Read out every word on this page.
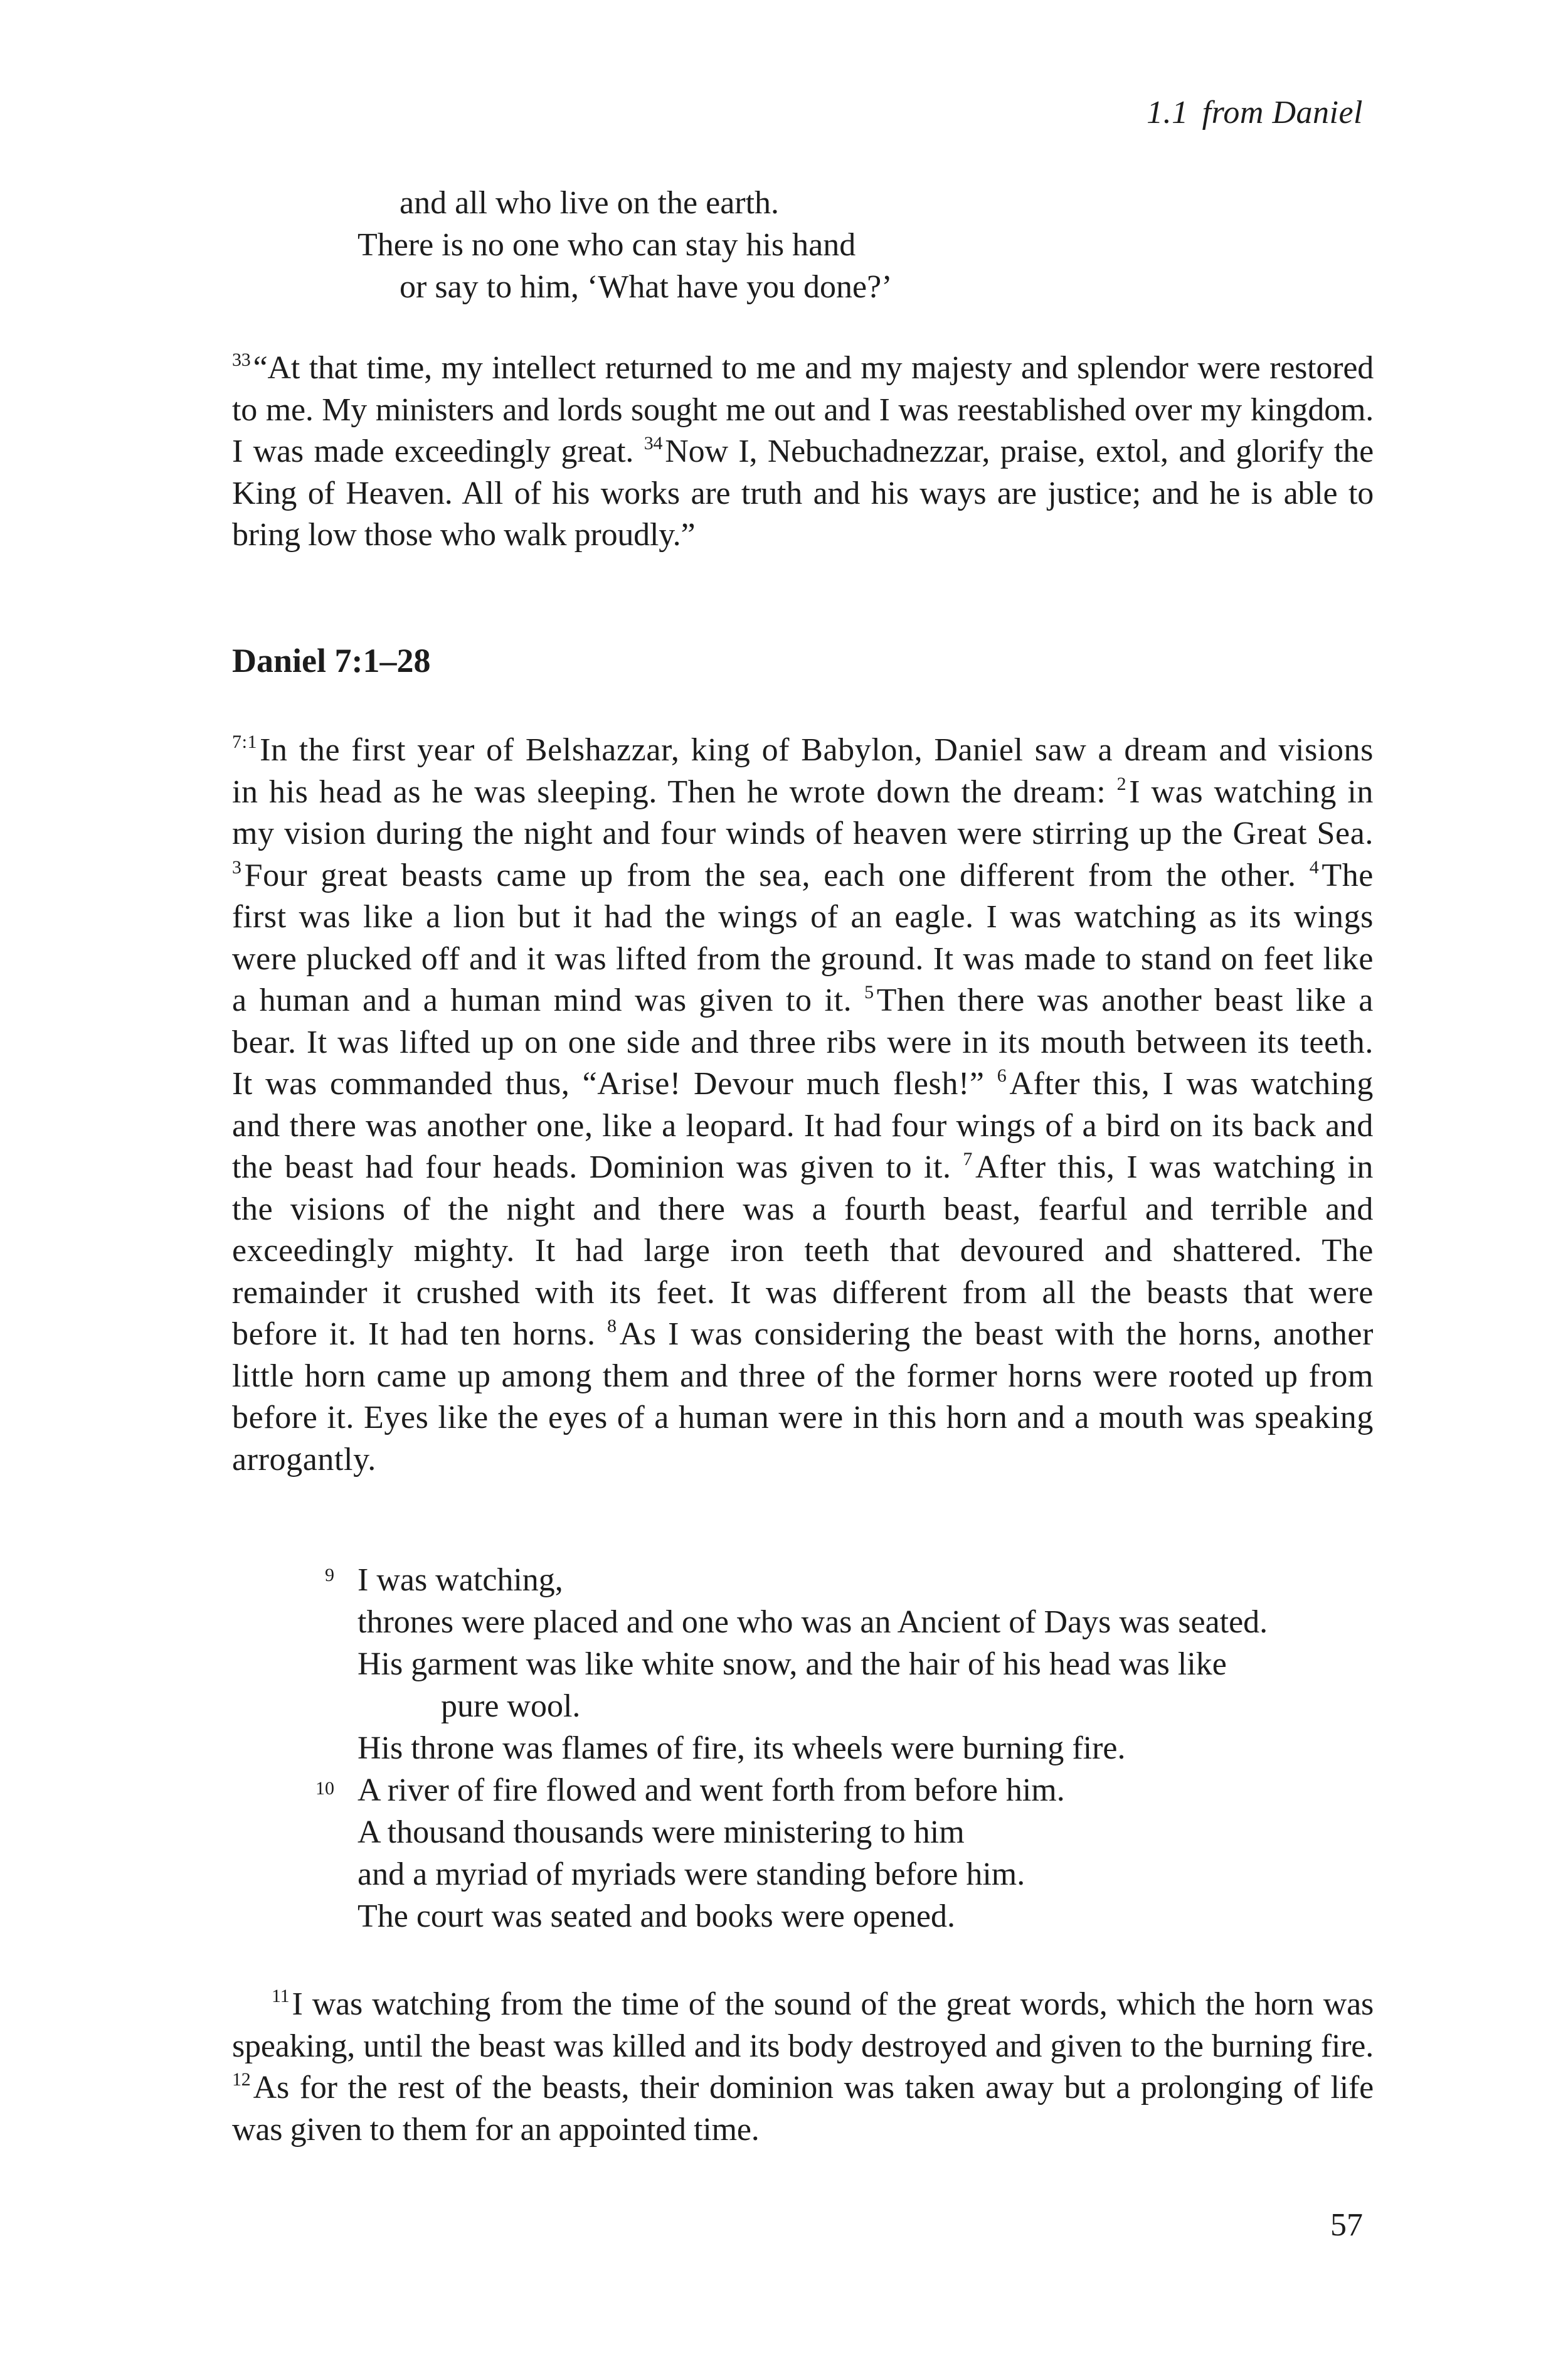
1.1 from Daniel
and all who live on the earth.
There is no one who can stay his hand
or say to him, ‘What have you done?’
$^{33}$“At that time, my intellect returned to me and my majesty and splendor were restored to me. My ministers and lords sought me out and I was reestablished over my kingdom. I was made exceedingly great. $^{34}$Now I, Nebuchadnezzar, praise, extol, and glorify the King of Heaven. All of his works are truth and his ways are justice; and he is able to bring low those who walk proudly.”
Daniel 7:1–28
$^{7:1}$In the first year of Belshazzar, king of Babylon, Daniel saw a dream and visions in his head as he was sleeping. Then he wrote down the dream: $^2$I was watching in my vision during the night and four winds of heaven were stirring up the Great Sea. $^3$Four great beasts came up from the sea, each one different from the other. $^4$The first was like a lion but it had the wings of an eagle. I was watching as its wings were plucked off and it was lifted from the ground. It was made to stand on feet like a human and a human mind was given to it. $^5$Then there was another beast like a bear. It was lifted up on one side and three ribs were in its mouth between its teeth. It was commanded thus, “Arise! Devour much flesh!” $^6$After this, I was watching and there was another one, like a leopard. It had four wings of a bird on its back and the beast had four heads. Dominion was given to it. $^7$After this, I was watching in the visions of the night and there was a fourth beast, fearful and terrible and exceedingly mighty. It had large iron teeth that devoured and shattered. The remainder it crushed with its feet. It was different from all the beasts that were before it. It had ten horns. $^8$As I was considering the beast with the horns, another little horn came up among them and three of the former horns were rooted up from before it. Eyes like the eyes of a human were in this horn and a mouth was speaking arrogantly.
9
10
I was watching,
thrones were placed and one who was an Ancient of Days was seated.
His garment was like white snow, and the hair of his head was like
pure wool.
His throne was flames of fire, its wheels were burning fire.
A river of fire flowed and went forth from before him.
A thousand thousands were ministering to him
and a myriad of myriads were standing before him.
The court was seated and books were opened.
$^{11}$I was watching from the time of the sound of the great words, which the horn was speaking, until the beast was killed and its body destroyed and given to the burning fire. $^{12}$As for the rest of the beasts, their dominion was taken away but a prolonging of life was given to them for an appointed time.
57
